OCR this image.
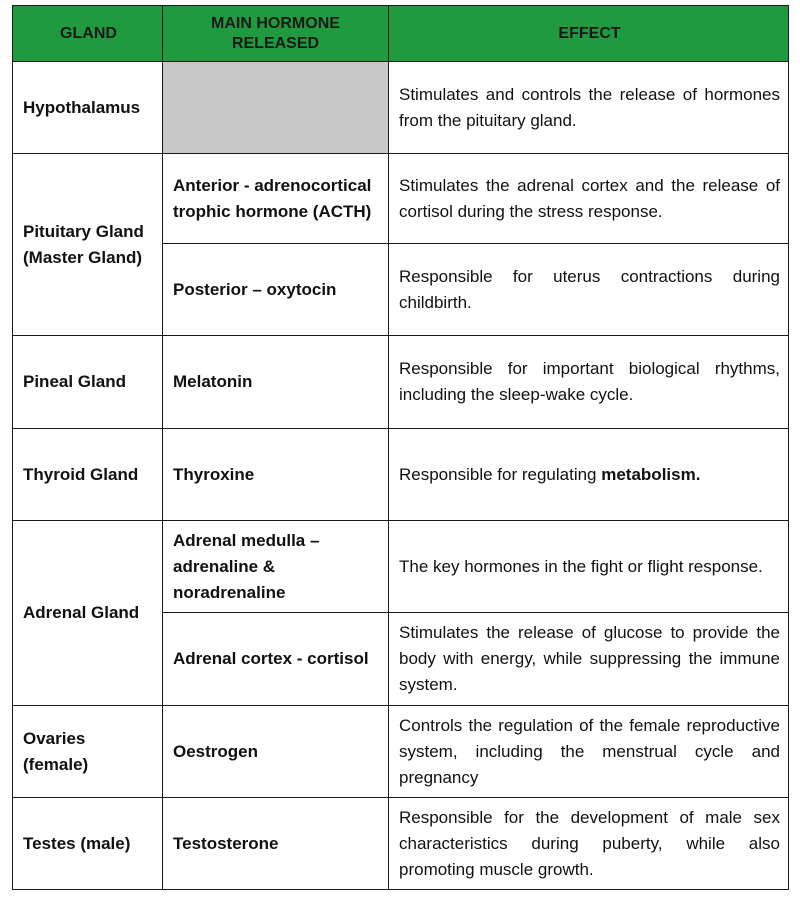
GLAND	MAIN HORMONE RELEASED	EFFECT
Hypothalamus		Stimulates and controls the release of hormones from the pituitary gland.
Pituitary Gland (Master Gland)	Anterior - adrenocortical trophic hormone (ACTH)	Stimulates the adrenal cortex and the release of cortisol during the stress response.
	Posterior – oxytocin	Responsible for uterus contractions during childbirth.
Pineal Gland	Melatonin	Responsible for important biological rhythms, including the sleep-wake cycle.
Thyroid Gland	Thyroxine	Responsible for regulating metabolism.
Adrenal Gland	Adrenal medulla – adrenaline & noradrenaline	The key hormones in the fight or flight response.
	Adrenal cortex - cortisol	Stimulates the release of glucose to provide the body with energy, while suppressing the immune system.
Ovaries (female)	Oestrogen	Controls the regulation of the female reproductive system, including the menstrual cycle and pregnancy
Testes (male)	Testosterone	Responsible for the development of male sex characteristics during puberty, while also promoting muscle growth.
